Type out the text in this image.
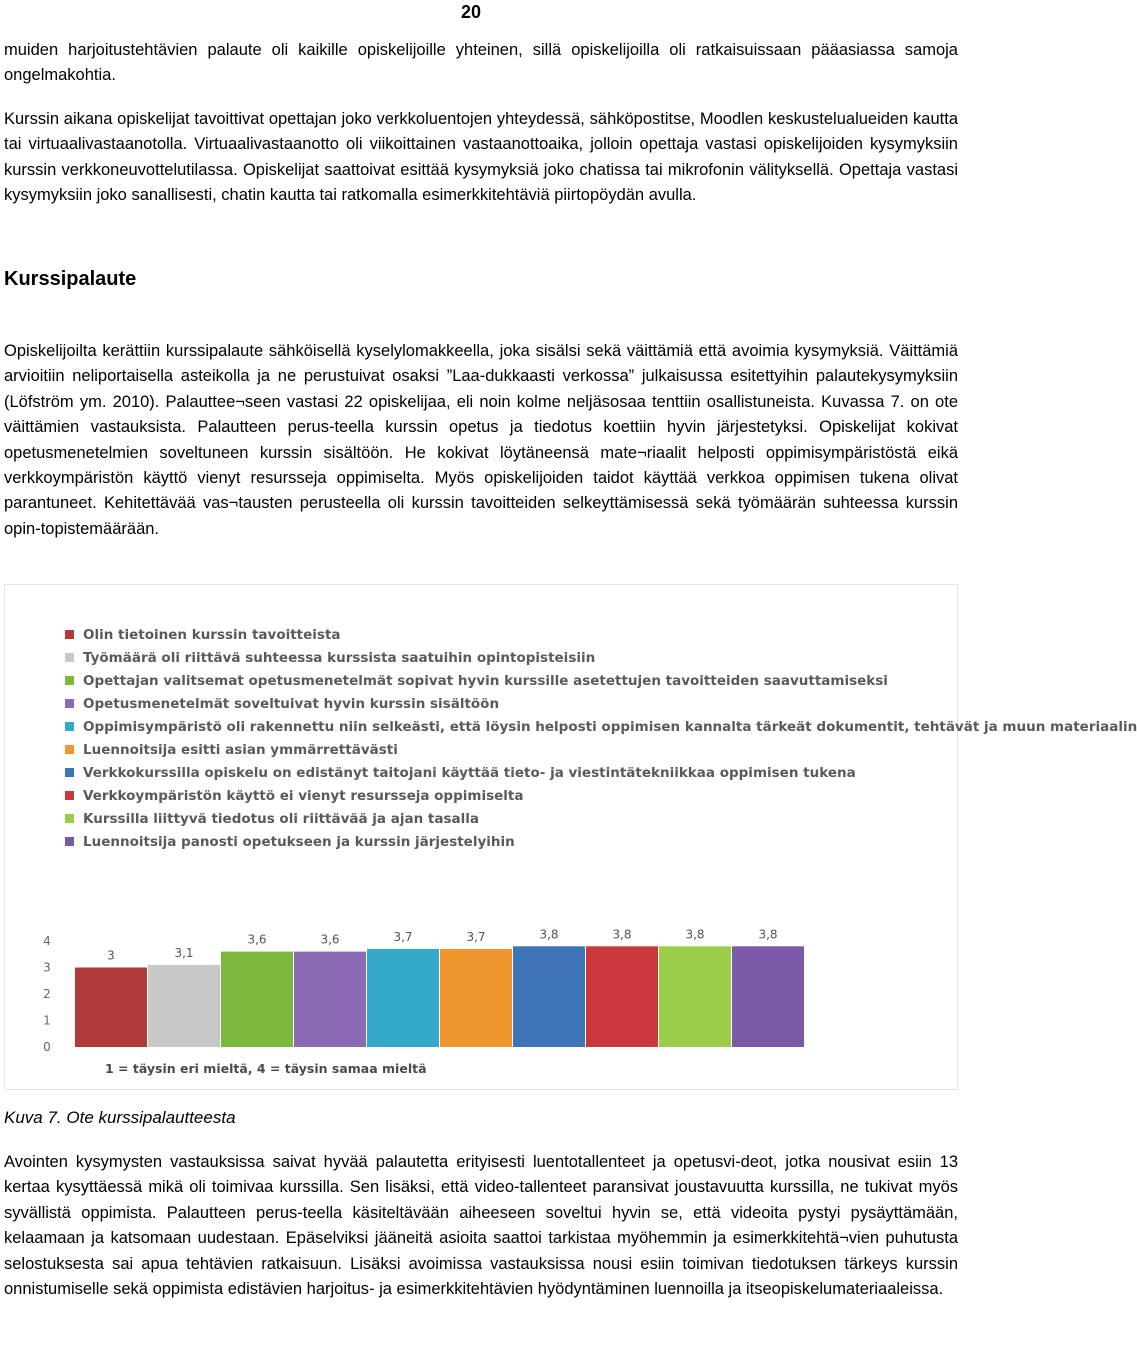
20

muiden harjoitustehtävien palaute oli kaikille opiskelijoille yhteinen, sillä opiskelijoilla oli ratkaisuissaan pääasiassa samoja ongelmakohtia.

Kurssin aikana opiskelijat tavoittivat opettajan joko verkkoluentojen yhteydessä, sähköpostitse, Moodlen keskustelualueiden kautta tai virtuaalivastaanotolla. Virtuaalivastaanotto oli viikoittainen vastaanottoaika, jolloin opettaja vastasi opiskelijoiden kysymyksiin kurssin verkkoneuvottelutilassa. Opiskelijat saattoivat esittää kysymyksiä joko chatissa tai mikrofonin välityksellä. Opettaja vastasi kysymyksiin joko sanallisesti, chatin kautta tai ratkomalla esimerkkitehtäviä piirtopöydän avulla.

Kurssipalaute

Opiskelijoilta kerättiin kurssipalaute sähköisellä kyselylomakkeella, joka sisälsi sekä väittämiä että avoimia kysymyksiä. Väittämiä arvioitiin neliportaisella asteikolla ja ne perustuivat osaksi ”Laa-dukkaasti verkossa” julkaisussa esitettyihin palautekysymyksiin (Löfström ym. 2010). Palauttee¬seen vastasi 22 opiskelijaa, eli noin kolme neljäsosaa tenttiin osallistuneista. Kuvassa 7. on ote väittämien vastauksista. Palautteen perus-teella kurssin opetus ja tiedotus koettiin hyvin järjestetyksi. Opiskelijat kokivat opetusmenetelmien soveltuneen kurssin sisältöön. He kokivat löytäneensä mate¬riaalit helposti oppimisympäristöstä eikä verkkoympäristön käyttö vienyt resursseja oppimiselta. Myös opiskelijoiden taidot käyttää verkkoa oppimisen tukena olivat parantuneet. Kehitettävää vas¬tausten perusteella oli kurssin tavoitteiden selkeyttämisessä sekä työmäärän suhteessa kurssin opin-topistemäärään.

Olin tietoinen kurssin tavoitteista
Työmäärä oli riittävä suhteessa kurssista saatuihin opintopisteisiin
Opettajan valitsemat opetusmenetelmät sopivat hyvin kurssille asetettujen tavoitteiden saavuttamiseksi
Opetusmenetelmät soveltuivat hyvin kurssin sisältöön
Oppimisympäristö oli rakennettu niin selkeästi, että löysin helposti oppimisen kannalta tärkeät dokumentit, tehtävät ja muun materiaalin
Luennoitsija esitti asian ymmärrettävästi
Verkkokurssilla opiskelu on edistänyt taitojani käyttää tieto- ja viestintätekniikkaa oppimisen tukena
Verkkoympäristön käyttö ei vienyt resursseja oppimiselta
Kurssilla liittyvä tiedotus oli riittävää ja ajan tasalla
Luennoitsija panosti opetukseen ja kurssin järjestelyihin
4
3
2
1
0
3	3,1
3,6	3,6	3,7	3,7	3,8	3,8	3,8	3,8
1 = täysin eri mieltä, 4 = täysin samaa mieltä

Kuva 7. Ote kurssipalautteesta

Avointen kysymysten vastauksissa saivat hyvää palautetta erityisesti luentotallenteet ja opetusvi-deot, jotka nousivat esiin 13 kertaa kysyttäessä mikä oli toimivaa kurssilla. Sen lisäksi, että video-tallenteet paransivat joustavuutta kurssilla, ne tukivat myös syvällistä oppimista. Palautteen perus-teella käsiteltävään aiheeseen soveltui hyvin se, että videoita pystyi pysäyttämään, kelaamaan ja katsomaan uudestaan. Epäselviksi jääneitä asioita saattoi tarkistaa myöhemmin ja esimerkkitehtä¬vien puhutusta selostuksesta sai apua tehtävien ratkaisuun. Lisäksi avoimissa vastauksissa nousi esiin toimivan tiedotuksen tärkeys kurssin onnistumiselle sekä oppimista edistävien harjoitus- ja esimerkkitehtävien hyödyntäminen luennoilla ja itseopiskelumateriaaleissa.
